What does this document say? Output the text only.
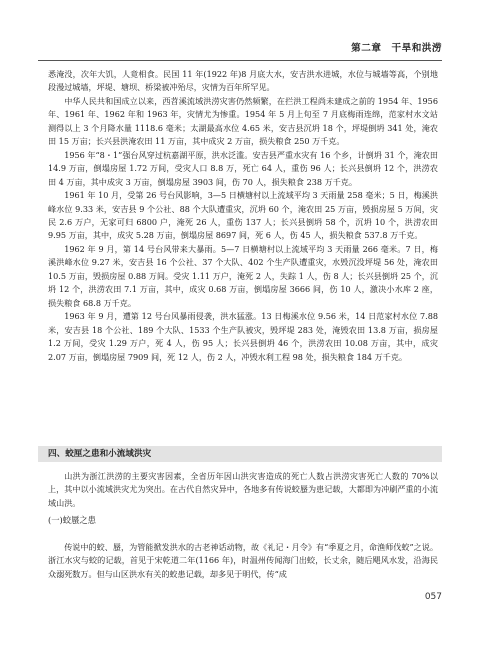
第二章　干旱和洪涝

悉淹没，次年大饥，人竟相食。民国 11 年(1922 年)8 月底大水，安吉洪水进城，水位与城墙等高，个别地段漫过城墙，坪堤、塘坝、桥梁被冲殆尽，灾情为百年所罕见。

中华人民共和国成立以来，西苕溪流域洪涝灾害仍然频繁，在拦洪工程尚未建成之前的 1954 年、1956 年、1961 年、1962 年和 1963 年，灾情尤为惨重。1954 年 5 月上旬至 7 月底梅雨连绵，范家村水文站测得以上 3 个月降水量 1118.6 毫米；太湖最高水位 4.65 米，安吉县沉坍 18 个，坪堤倒坍 341 处，淹农田 15 万亩；长兴县洪淹农田 11 万亩，其中成灾 2 万亩，损失粮食 250 万千克。

1956 年“8・1”强台风穿过杭嘉湖平原，洪水泛滥。安吉县严重水灾有 16 个乡，计倒坍 31 个，淹农田 14.9 万亩，倒塌房屋 1.72 万间，受灾人口 8.8 万，死亡 64 人，重伤 96 人；长兴县倒坍 12 个，洪涝农田 4 万亩，其中成灾 3 万亩，倒塌房屋 3903 间，伤 70 人，损失粮食 238 万千克。

1961 年 10 月，受第 26 号台风影响，3—5 日横塘村以上流域平均 3 天雨量 258 毫米；5 日，梅溪洪峰水位 9.33 米，安吉县 9 个公社、88 个大队遭重灾，沉坍 60 个，淹农田 25 万亩，毁损房屋 5 万间，灾民 2.6 万户，无家可归 6800 户，淹死 26 人，重伤 137 人；长兴县倒坍 58 个，沉坍 10 个，洪涝农田 9.95 万亩，其中，成灾 5.28 万亩，倒塌房屋 8697 间，死 6 人，伤 45 人，损失粮食 537.8 万千克。

1962 年 9 月，第 14 号台风带来大暴雨。5—7 日横塘村以上流域平均 3 天雨量 266 毫米。7 日，梅溪洪峰水位 9.27 米，安吉县 16 个公社、37 个大队、402 个生产队遭重灾，水毁沉没坪堤 56 处，淹农田 10.5 万亩，毁损房屋 0.88 万间。受灾 1.11 万户，淹死 2 人，失踪 1 人，伤 8 人；长兴县倒坍 25 个，沉坍 12 个，洪涝农田 7.1 万亩，其中，成灾 0.68 万亩，倒塌房屋 3666 间，伤 10 人，激决小水库 2 座，损失粮食 68.8 万千克。

1963 年 9 月，遭第 12 号台风暴雨侵袭，洪水猛涨。13 日梅溪水位 9.56 米，14 日范家村水位 7.88 米，安吉县 18 个公社、189 个大队、1533 个生产队被灾，毁坪堤 283 处，淹毁农田 13.8 万亩，损房屋 1.2 万间，受灾 1.29 万户，死 4 人，伤 95 人；长兴县倒坍 46 个，洪涝农田 10.08 万亩，其中，成灾 2.07 万亩，倒塌房屋 7909 间，死 12 人，伤 2 人，冲毁水利工程 98 处，损失粮食 184 万千克。

四、蛟厘之患和小流域洪灾

山洪为浙江洪涝的主要灾害因素，全省历年因山洪灾害造成的死亡人数占洪涝灾害死亡人数的 70%以上，其中以小流域洪灾尤为突出。在古代自然灾异中，各地多有传说蛟蜃为患记载，大都即为冲刷严重的小流域山洪。

(一)蛟蜃之患

传说中的蛟、蜃，为管能掀发洪水的古老神话动物，故《礼记・月令》有“季夏之月，命渔师伐蛟”之说。浙江水灾与蛟的记载，首见于宋乾道二年(1166 年)，时温州传闻海门出蛟，长丈余，随后飓风水发，沿海民众溺死数万。但与山区洪水有关的蛟患记载，却多见于明代，传“成

057
